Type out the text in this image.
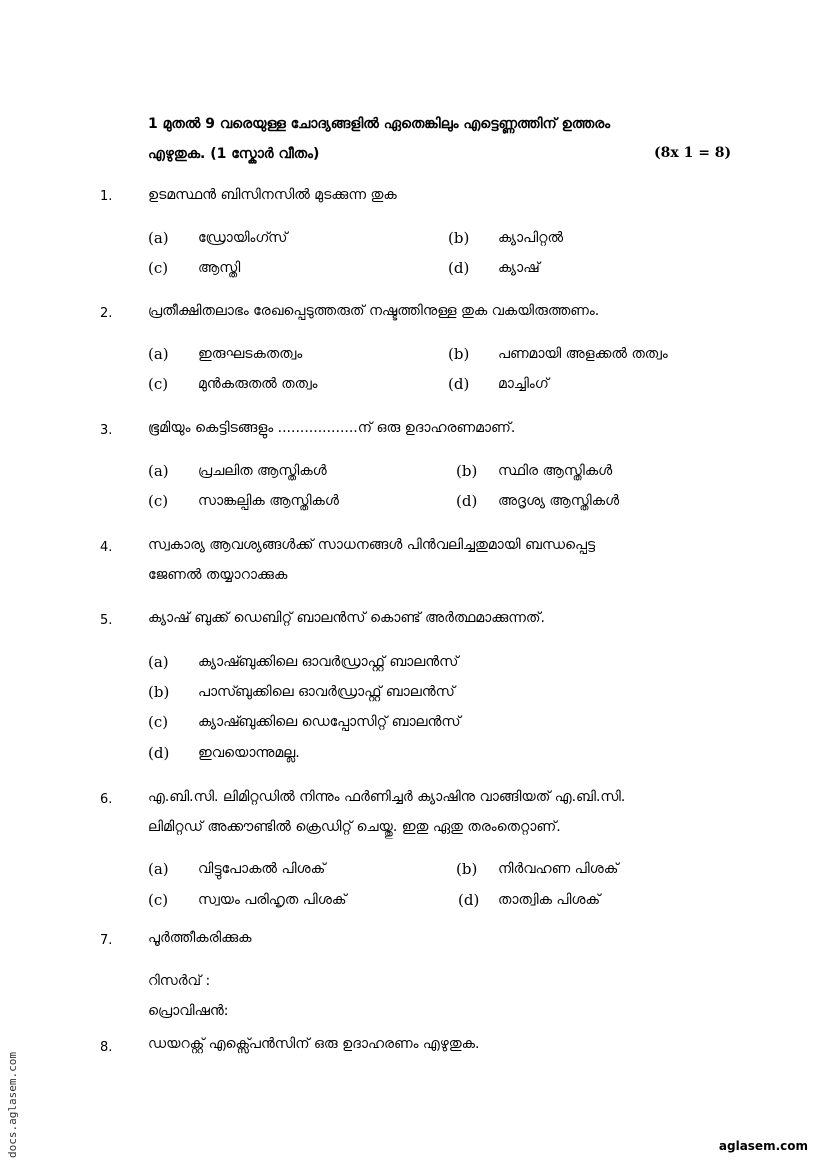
1 മുതൽ 9 വരെയുള്ള ചോദ്യങ്ങളിൽ ഏതെങ്കിലും എട്ടെണ്ണത്തിന് ഉത്തരം
എഴുതുക. (1 സ്കോർ വീതം)	(8x 1 = 8)
1.	ഉടമസ്ഥൻ ബിസിനസിൽ മുടക്കുന്ന തുക
(a) ഡ്രോയിംഗ്സ്	(b) ക്യാപിറ്റൽ
(c) ആസ്തി	(d) ക്യാഷ്
2.	പ്രതീക്ഷിതലാഭം രേഖപ്പെടുത്തരുത് നഷ്ടത്തിനുള്ള തുക വകയിരുത്തണം.
(a) ഇരുഘടകതത്വം	(b) പണമായി അളക്കൽ തത്വം
(c) മുൻകരുതൽ തത്വം	(d) മാച്ചിംഗ്
3.	ഭൂമിയും കെട്ടിടങ്ങളും ..................ന് ഒരു ഉദാഹരണമാണ്.
(a) പ്രചലിത ആസ്തികൾ	(b) സ്ഥിര ആസ്തികൾ
(c) സാങ്കല്പിക ആസ്തികൾ	(d) അദൃശ്യ ആസ്തികൾ
4.	സ്വകാര്യ ആവശ്യങ്ങൾക്ക് സാധനങ്ങൾ പിൻവലിച്ചതുമായി ബന്ധപ്പെട്ട
ജേണൽ തയ്യാറാക്കുക
5.	ക്യാഷ് ബുക്ക് ഡെബിറ്റ് ബാലൻസ് കൊണ്ട് അർത്ഥമാക്കുന്നത്.
(a) ക്യാഷ്ബുക്കിലെ ഓവർഡ്രാഫ്റ്റ് ബാലൻസ്
(b) പാസ്ബുക്കിലെ ഓവർഡ്രാഫ്റ്റ് ബാലൻസ്
(c) ക്യാഷ്ബുക്കിലെ ഡെപ്പോസിറ്റ് ബാലൻസ്
(d) ഇവയൊന്നുമല്ല.
6.	എ.ബി.സി. ലിമിറ്റഡിൽ നിന്നും ഫർണിച്ചർ ക്യാഷിനു വാങ്ങിയത് എ.ബി.സി.
ലിമിറ്റഡ് അക്കൗണ്ടിൽ ക്രെഡിറ്റ് ചെയ്തു. ഇതു ഏതു തരംതെറ്റാണ്.
(a) വിട്ടുപോകൽ പിശക്	(b) നിർവഹണ പിശക്
(c) സ്വയം പരിഹൃത പിശക്	(d) താത്വിക പിശക്
7.	പൂർത്തീകരിക്കുക
റിസർവ് :
പ്രൊവിഷൻ:
8.	ഡയറക്റ്റ് എക്സ്പെൻസിന് ഒരു ഉദാഹരണം എഴുതുക.
aglasem.com
docs.aglasem.com
